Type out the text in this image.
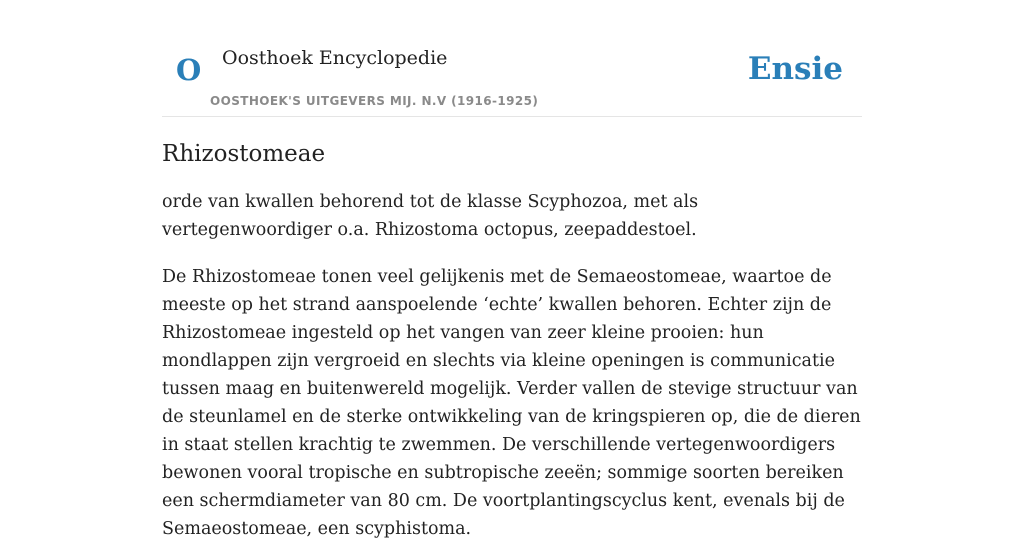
O Oosthoek Encyclopedie
OOSTHOEK'S UITGEVERS MIJ. N.V (1916-1925)
Ensie
Rhizostomeae

orde van kwallen behorend tot de klasse Scyphozoa, met als vertegenwoordiger o.a. Rhizostoma octopus, zeepaddestoel.

De Rhizostomeae tonen veel gelijkenis met de Semaeostomeae, waartoe de meeste op het strand aanspoelende ‘echte’ kwallen behoren. Echter zijn de Rhizostomeae ingesteld op het vangen van zeer kleine prooien: hun mondlappen zijn vergroeid en slechts via kleine openingen is communicatie tussen maag en buitenwereld mogelijk. Verder vallen de stevige structuur van de steunlamel en de sterke ontwikkeling van de kringspieren op, die de dieren in staat stellen krachtig te zwemmen. De verschillende vertegenwoordigers bewonen vooral tropische en subtropische zeeën; sommige soorten bereiken een schermdiameter van 80 cm. De voortplantingscyclus kent, evenals bij de Semaeostomeae, een scyphistoma.
